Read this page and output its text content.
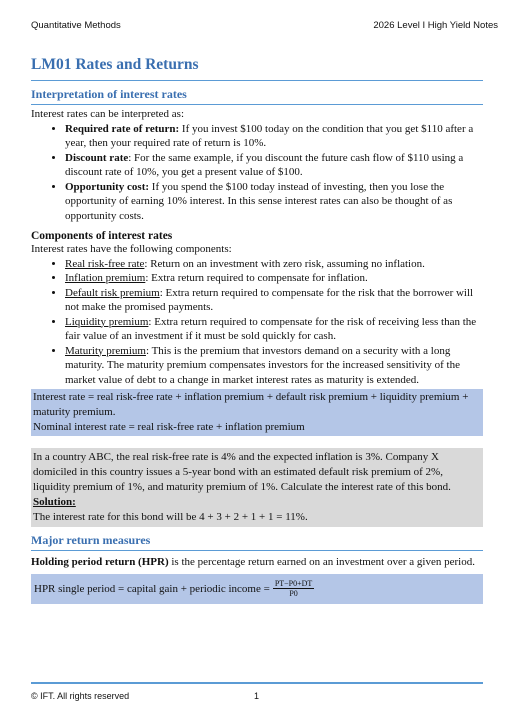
Quantitative Methods	2026 Level I High Yield Notes
LM01 Rates and Returns
Interpretation of interest rates

Interest rates can be interpreted as:

• Required rate of return: If you invest $100 today on the condition that you get $110 after a year, then your required rate of return is 10%.
• Discount rate: For the same example, if you discount the future cash flow of $110 using a discount rate of 10%, you get a present value of $100.
• Opportunity cost: If you spend the $100 today instead of investing, then you lose the opportunity of earning 10% interest. In this sense interest rates can also be thought of as opportunity costs.
Components of interest rates

Interest rates have the following components:

• Real risk-free rate: Return on an investment with zero risk, assuming no inflation.
• Inflation premium: Extra return required to compensate for inflation.
• Default risk premium: Extra return required to compensate for the risk that the borrower will not make the promised payments.
• Liquidity premium: Extra return required to compensate for the risk of receiving less than the fair value of an investment if it must be sold quickly for cash.
• Maturity premium: This is the premium that investors demand on a security with a long maturity. The maturity premium compensates investors for the increased sensitivity of the market value of debt to a change in market interest rates as maturity is extended.

Interest rate = real risk-free rate + inflation premium + default risk premium + liquidity premium + maturity premium.

Nominal interest rate = real risk-free rate + inflation premium

In a country ABC, the real risk-free rate is 4% and the expected inflation is 3%. Company X domiciled in this country issues a 5-year bond with an estimated default risk premium of 2%, liquidity premium of 1%, and maturity premium of 1%. Calculate the interest rate of this bond.

Solution:

The interest rate for this bond will be 4 + 3 + 2 + 1 + 1 = 11%.

Major return measures

Holding period return (HPR) is the percentage return earned on an investment over a given period.

HPR single period = capital gain + periodic income = $\frac{PT-P0+DT}{P0}$
© IFT. All rights reserved	1
